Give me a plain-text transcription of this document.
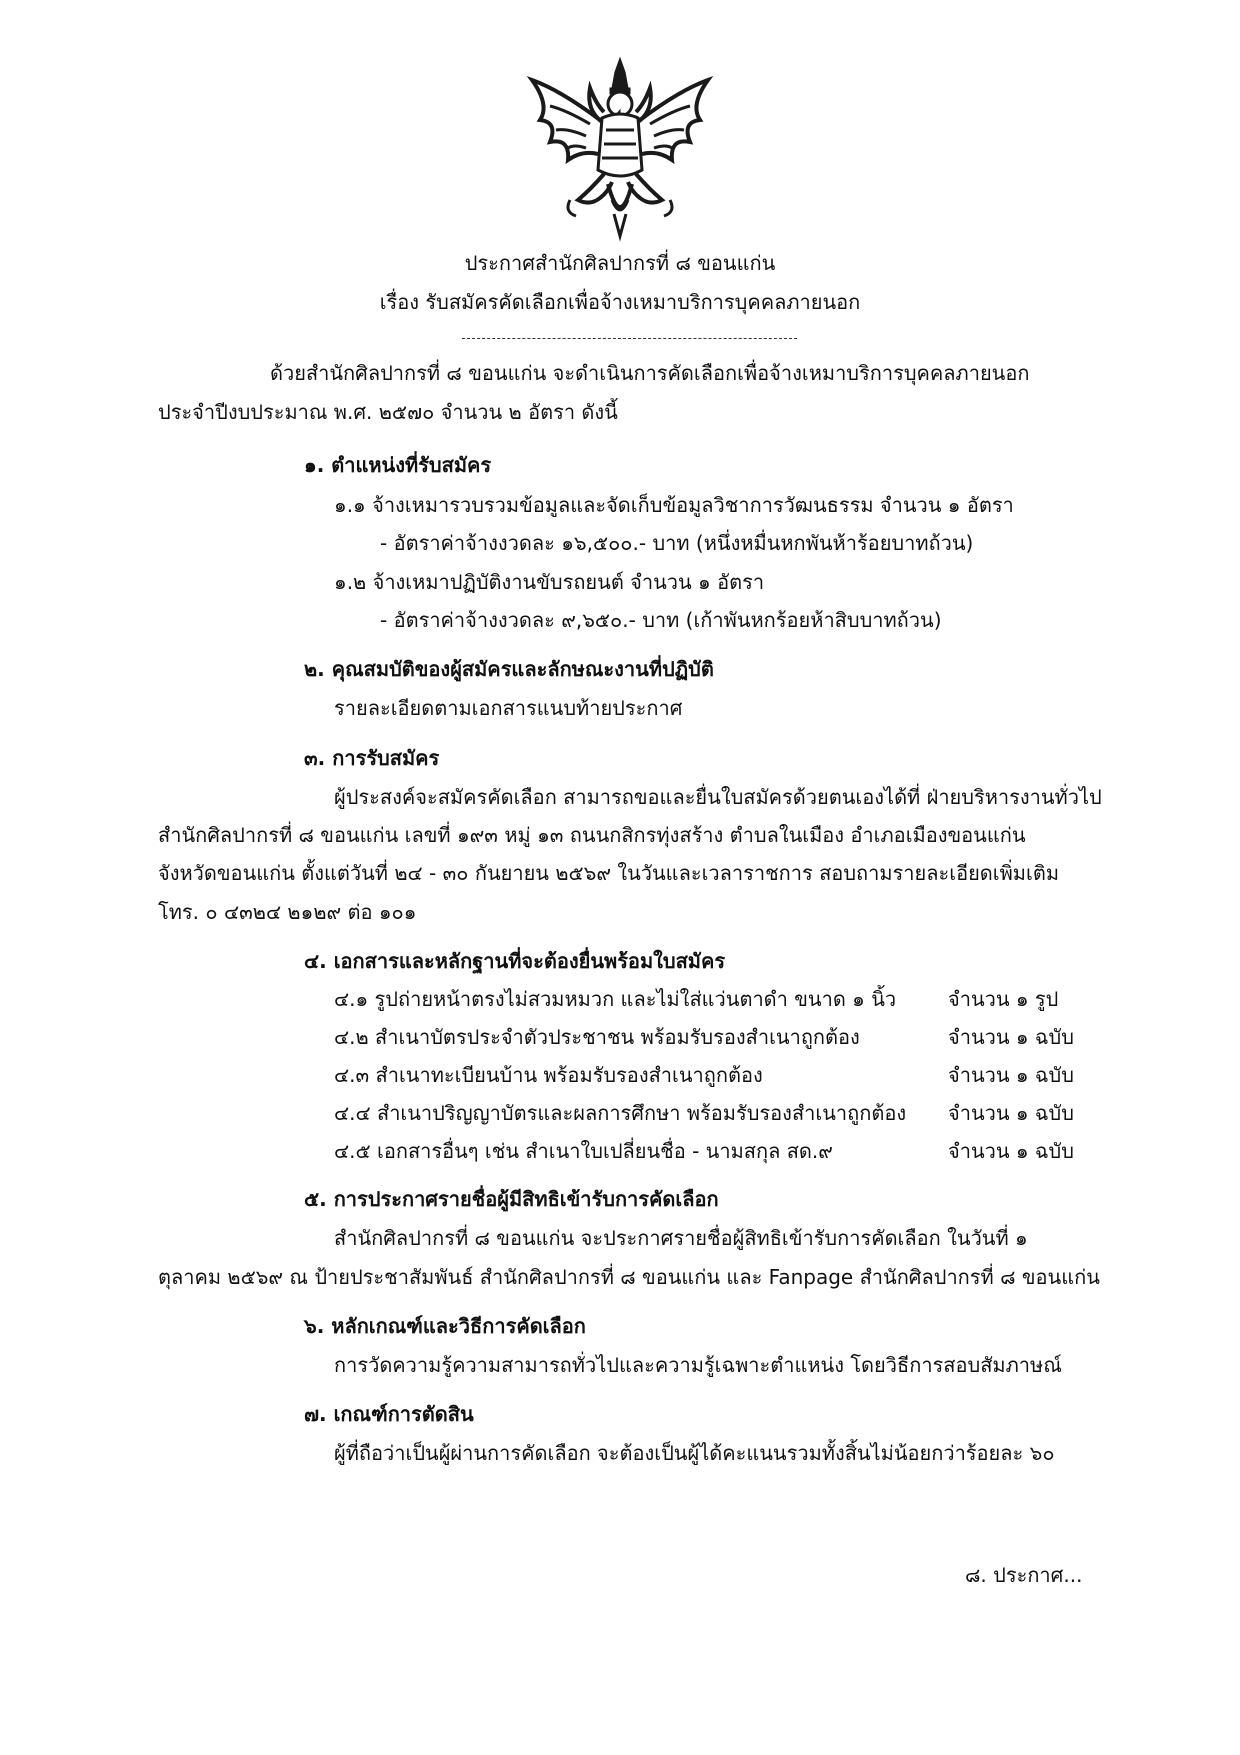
ประกาศสำนักศิลปากรที่ ๘ ขอนแก่น
เรื่อง รับสมัครคัดเลือกเพื่อจ้างเหมาบริการบุคคลภายนอก
ด้วยสำนักศิลปากรที่ ๘ ขอนแก่น จะดำเนินการคัดเลือกเพื่อจ้างเหมาบริการบุคคลภายนอก
ประจำปีงบประมาณ พ.ศ. ๒๕๗๐ จำนวน ๒ อัตรา ดังนี้
๑. ตำแหน่งที่รับสมัคร
๑.๑ จ้างเหมารวบรวมข้อมูลและจัดเก็บข้อมูลวิชาการวัฒนธรรม จำนวน ๑ อัตรา
- อัตราค่าจ้างงวดละ ๑๖,๕๐๐.- บาท (หนึ่งหมื่นหกพันห้าร้อยบาทถ้วน)
๑.๒ จ้างเหมาปฏิบัติงานขับรถยนต์ จำนวน ๑ อัตรา
- อัตราค่าจ้างงวดละ ๙,๖๕๐.- บาท (เก้าพันหกร้อยห้าสิบบาทถ้วน)
๒. คุณสมบัติของผู้สมัครและลักษณะงานที่ปฏิบัติ
รายละเอียดตามเอกสารแนบท้ายประกาศ
๓. การรับสมัคร
ผู้ประสงค์จะสมัครคัดเลือก สามารถขอและยื่นใบสมัครด้วยตนเองได้ที่ ฝ่ายบริหารงานทั่วไป
สำนักศิลปากรที่ ๘ ขอนแก่น เลขที่ ๑๙๓ หมู่ ๑๓ ถนนกสิกรทุ่งสร้าง ตำบลในเมือง อำเภอเมืองขอนแก่น
จังหวัดขอนแก่น ตั้งแต่วันที่ ๒๔ - ๓๐ กันยายน ๒๕๖๙ ในวันและเวลาราชการ สอบถามรายละเอียดเพิ่มเติม
โทร. ๐ ๔๓๒๔ ๒๑๒๙ ต่อ ๑๐๑
๔. เอกสารและหลักฐานที่จะต้องยื่นพร้อมใบสมัคร
๔.๑ รูปถ่ายหน้าตรงไม่สวมหมวก และไม่ใส่แว่นตาดำ ขนาด ๑ นิ้ว	จำนวน ๑ รูป
๔.๒ สำเนาบัตรประจำตัวประชาชน พร้อมรับรองสำเนาถูกต้อง	จำนวน ๑ ฉบับ
๔.๓ สำเนาทะเบียนบ้าน พร้อมรับรองสำเนาถูกต้อง	จำนวน ๑ ฉบับ
๔.๔ สำเนาปริญญาบัตรและผลการศึกษา พร้อมรับรองสำเนาถูกต้อง จำนวน ๑ ฉบับ
๔.๕ เอกสารอื่นๆ เช่น สำเนาใบเปลี่ยนชื่อ - นามสกุล สด.๙	จำนวน ๑ ฉบับ
๕. การประกาศรายชื่อผู้มีสิทธิเข้ารับการคัดเลือก
สำนักศิลปากรที่ ๘ ขอนแก่น จะประกาศรายชื่อผู้สิทธิเข้ารับการคัดเลือก ในวันที่ ๑
ตุลาคม ๒๕๖๙ ณ ป้ายประชาสัมพันธ์ สำนักศิลปากรที่ ๘ ขอนแก่น และ Fanpage สำนักศิลปากรที่ ๘ ขอนแก่น
๖. หลักเกณฑ์และวิธีการคัดเลือก
การวัดความรู้ความสามารถทั่วไปและความรู้เฉพาะตำแหน่ง โดยวิธีการสอบสัมภาษณ์
๗. เกณฑ์การตัดสิน
ผู้ที่ถือว่าเป็นผู้ผ่านการคัดเลือก จะต้องเป็นผู้ได้คะแนนรวมทั้งสิ้นไม่น้อยกว่าร้อยละ ๖๐
๘. ประกาศ...
